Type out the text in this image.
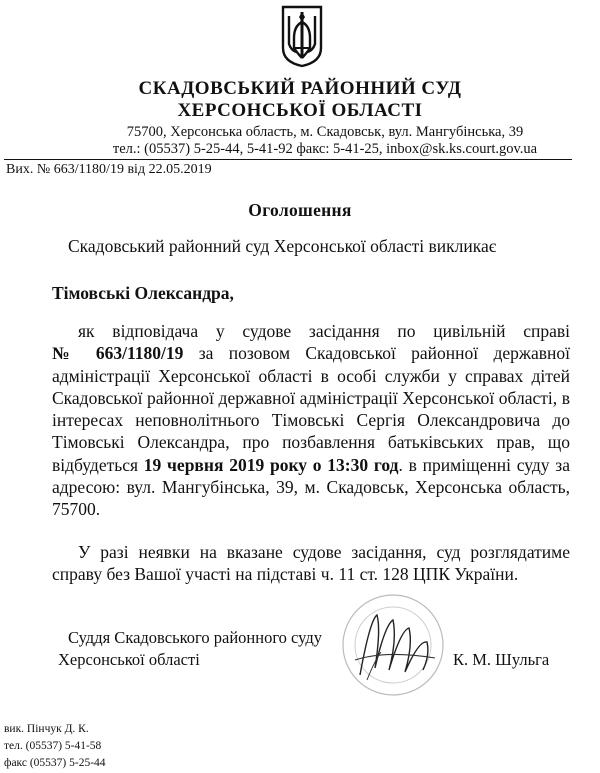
СКАДОВСЬКИЙ РАЙОННИЙ СУД
ХЕРСОНСЬКОЇ ОБЛАСТІ
75700, Херсонська область, м. Скадовськ, вул. Мангубінська, 39
тел.: (05537) 5-25-44, 5-41-92 факс: 5-41-25, inbox@sk.ks.court.gov.ua
Вих. № 663/1180/19 від 22.05.2019
Оголошення
Скадовський районний суд Херсонської області викликає
Тімовські Олександра,
як відповідача у судове засідання по цивільній справі
№ 663/1180/19 за позовом Скадовської районної державної
адміністрації Херсонської області в особі служби у справах дітей
Скадовської районної державної адміністрації Херсонської області, в
інтересах неповнолітнього Тімовські Сергія Олександровича до
Тімовські Олександра, про позбавлення батьківських прав, що
відбудеться 19 червня 2019 року о 13:30 год. в приміщенні суду за
адресою: вул. Мангубінська, 39, м. Скадовськ, Херсонська область,
75700.
У разі неявки на вказане судове засідання, суд розглядатиме
справу без Вашої участі на підставі ч. 11 ст. 128 ЦПК України.
Суддя Скадовського районного суду
Херсонської області	К. М. Шульга
вик. Пінчук Д. К.
тел. (05537) 5-41-58
факс (05537) 5-25-44
